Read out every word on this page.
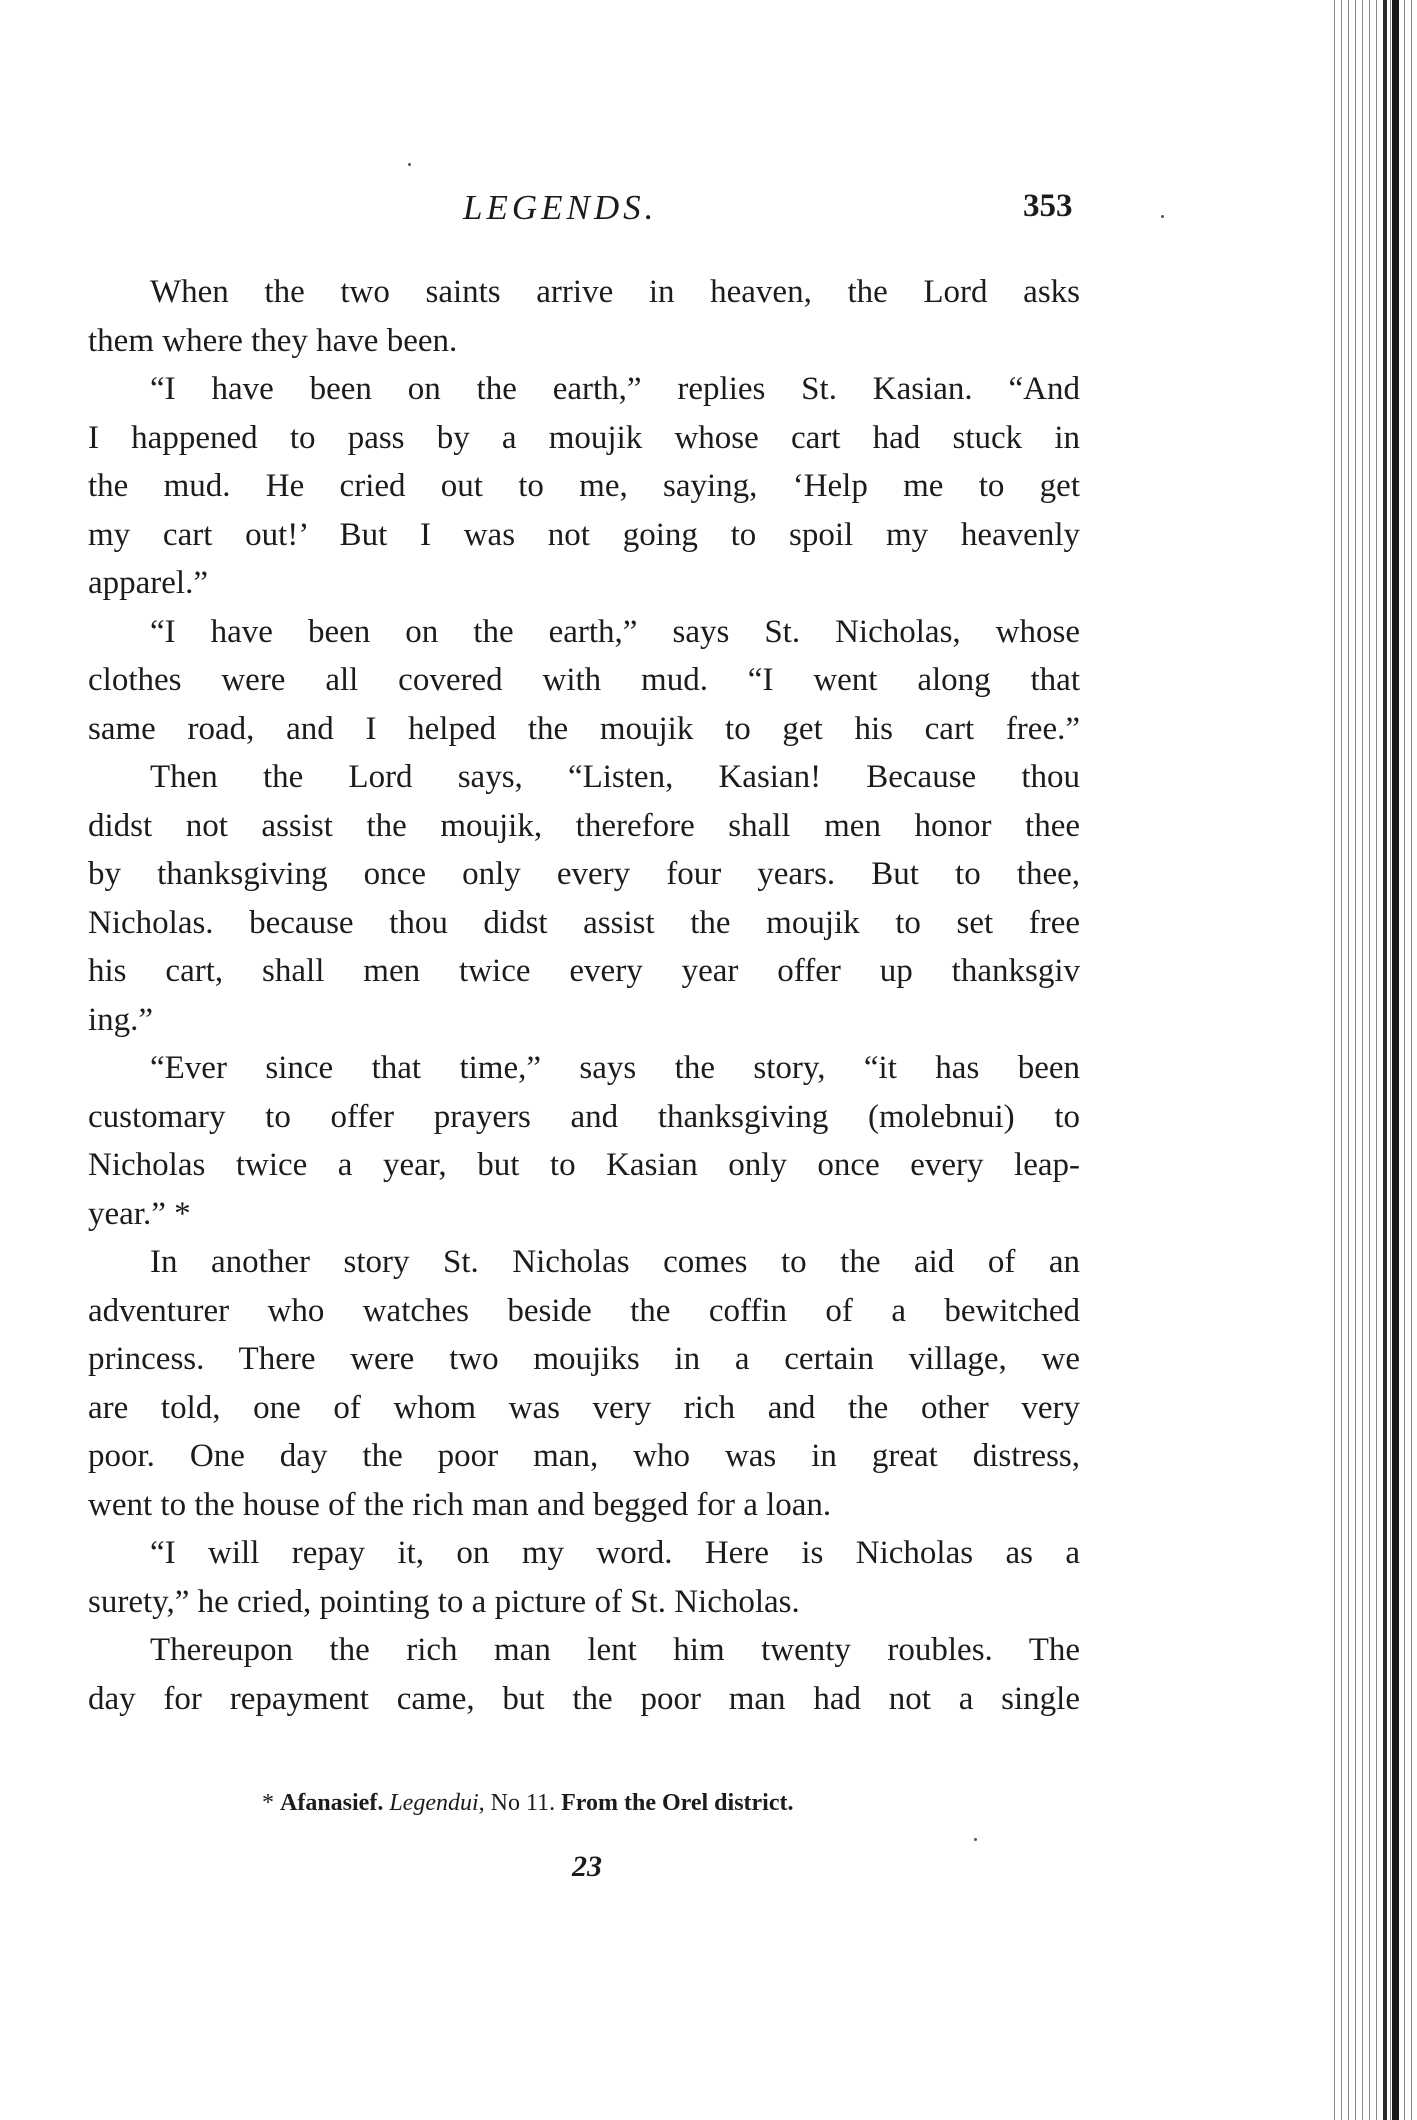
LEGENDS.	353
When the two saints arrive in heaven, the Lord asks
them where they have been.
“I have been on the earth,” replies St. Kasian. “And
I happened to pass by a moujik whose cart had stuck in
the mud. He cried out to me, saying, ‘Help me to get
my cart out!’ But I was not going to spoil my heavenly
apparel.”
“I have been on the earth,” says St. Nicholas, whose
clothes were all covered with mud. “I went along that
same road, and I helped the moujik to get his cart free.”
Then the Lord says, “Listen, Kasian! Because thou
didst not assist the moujik, therefore shall men honor thee
by thanksgiving once only every four years. But to thee,
Nicholas. because thou didst assist the moujik to set free
his cart, shall men twice every year offer up thanksgiv
ing.”
“Ever since that time,” says the story, “it has been
customary to offer prayers and thanksgiving (molebnui) to
Nicholas twice a year, but to Kasian only once every leap-
year.” *
In another story St. Nicholas comes to the aid of an
adventurer who watches beside the coffin of a bewitched
princess. There were two moujiks in a certain village, we
are told, one of whom was very rich and the other very
poor. One day the poor man, who was in great distress,
went to the house of the rich man and begged for a loan.
“I will repay it, on my word. Here is Nicholas as a
surety,” he cried, pointing to a picture of St. Nicholas.
Thereupon the rich man lent him twenty roubles. The
day for repayment came, but the poor man had not a single
* Afanasief. Legendui, No 11. From the Orel district.
23
